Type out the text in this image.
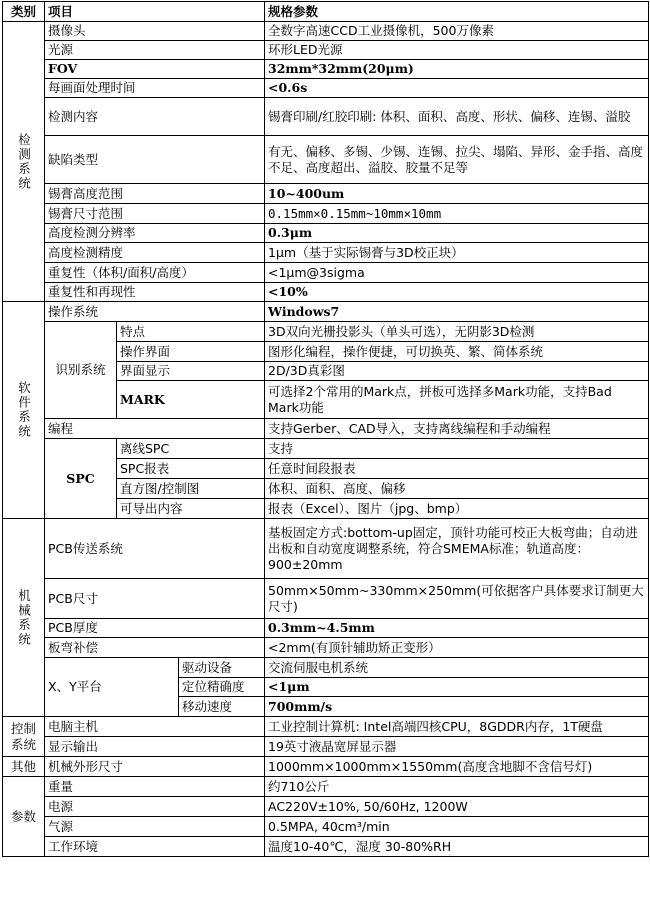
类别	项目			规格参数
检测系统	摄像头			全数字高速CCD工业摄像机，500万像素
	光源			环形LED光源
	FOV			32mm*32mm(20μm)
	每画面处理时间			<0.6s
	检测内容			锡膏印刷/红胶印刷: 体积、面积、高度、形状、偏移、连锡、溢胶
	缺陷类型			有无、偏移、多锡、少锡、连锡、拉尖、塌陷、异形、金手指、高度不足、高度超出、溢胶、胶量不足等
	锡膏高度范围			10~400um
	锡膏尺寸范围			0.15mm×0.15mm~10mm×10mm
	高度检测分辨率			0.3μm
	高度检测精度			1μm（基于实际锡膏与3D校正块）
	重复性（体积/面积/高度）			<1μm@3sigma
	重复性和再现性			<10%
软件系统	操作系统			Windows7
	识别系统	特点		3D双向光栅投影头（单头可选），无阴影3D检测
		操作界面		图形化编程，操作便捷，可切换英、繁、简体系统
		界面显示		2D/3D真彩图
		MARK		可选择2个常用的Mark点，拼板可选择多Mark功能，支持Bad Mark功能
	编程			支持Gerber、CAD导入，支持离线编程和手动编程
	SPC	离线SPC		支持
		SPC报表		任意时间段报表
		直方图/控制图		体积、面积、高度、偏移
		可导出内容		报表（Excel）、图片（jpg、bmp）
机械系统	PCB传送系统			基板固定方式:bottom-up固定，顶针功能可校正大板弯曲；自动进出板和自动宽度调整系统，符合SMEMA标准；轨道高度：900±20mm
	PCB尺寸			50mm×50mm~330mm×250mm(可依据客户具体要求订制更大尺寸)
	PCB厚度			0.3mm~4.5mm
	板弯补偿			<2mm(有顶针辅助矫正变形）
	X、Y平台		驱动设备	交流伺服电机系统
			定位精确度	<1μm
			移动速度	700mm/s
控制系统	电脑主机			工业控制计算机: Intel高端四核CPU，8GDDR内存，1T硬盘
	显示输出			19英寸液晶宽屏显示器
其他	机械外形尺寸			1000mm×1000mm×1550mm(高度含地脚不含信号灯)
参数	重量			约710公斤
	电源			AC220V±10%, 50/60Hz, 1200W
	气源			0.5MPA, 40cm³/min
	工作环境			温度10-40℃，湿度 30-80%RH
